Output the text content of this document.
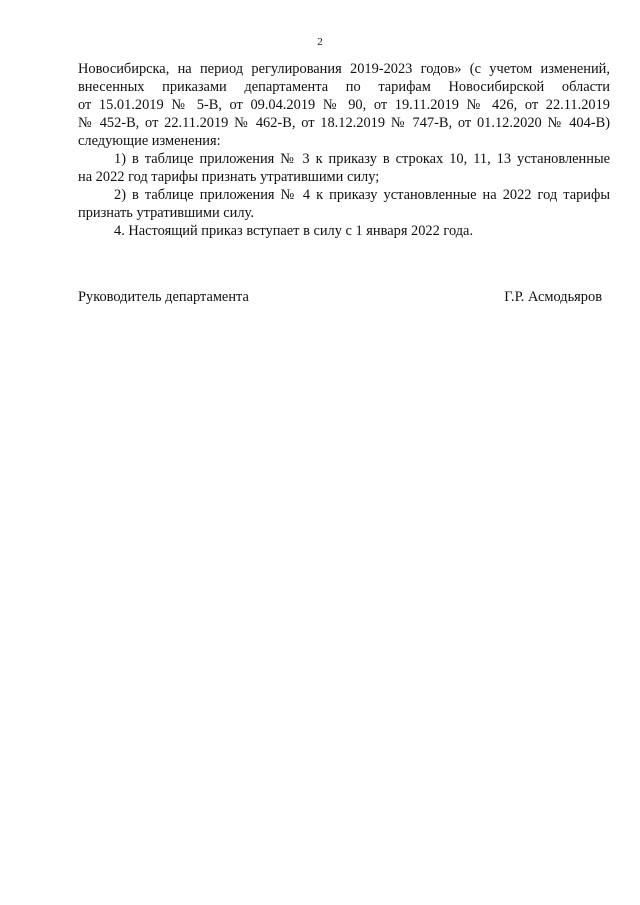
2

Новосибирска, на период регулирования 2019-2023 годов» (с учетом изменений,

внесенных приказами департамента по тарифам Новосибирской области

от 15.01.2019 № 5-В, от 09.04.2019 № 90, от 19.11.2019 № 426, от 22.11.2019

№ 452-В, от 22.11.2019 № 462-В, от 18.12.2019 № 747-В, от 01.12.2020 № 404-В)

следующие изменения:

1) в таблице приложения № 3 к приказу в строках 10, 11, 13 установленные

на 2022 год тарифы признать утратившими силу;

2) в таблице приложения № 4 к приказу установленные на 2022 год тарифы

признать утратившими силу.

4. Настоящий приказ вступает в силу с 1 января 2022 года.

Руководитель департамента	Г.Р. Асмодьяров
